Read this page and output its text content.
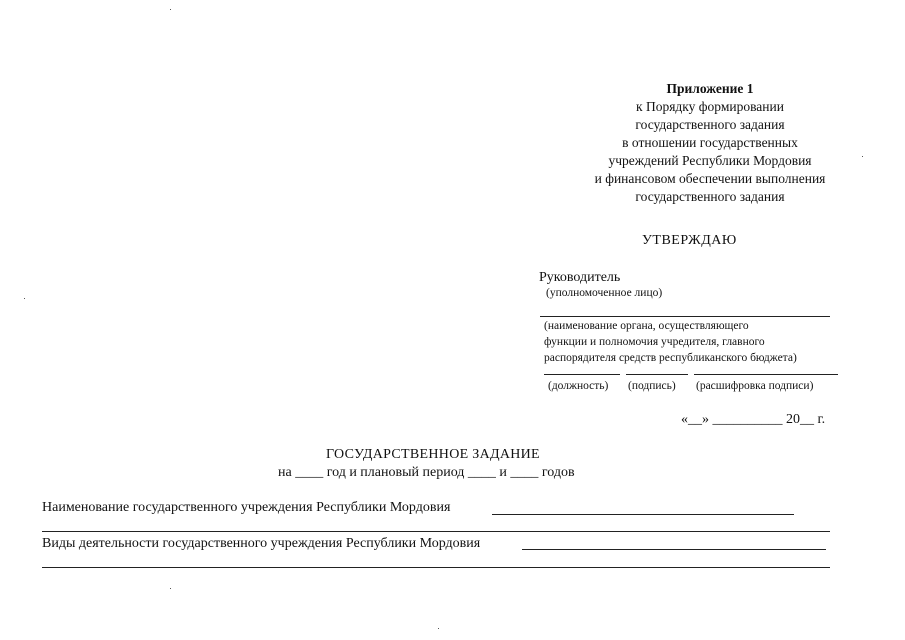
Приложение 1
к Порядку формировании
государственного задания
в отношении государственных
учреждений Республики Мордовия
и финансовом обеспечении выполнения
государственного задания
УТВЕРЖДАЮ
Руководитель
(уполномоченное лицо)
(наименование органа, осуществляющего
функции и полномочия учредителя, главного
распорядителя средств республиканского бюджета)
(должность) (подпись) (расшифровка подписи)
«__» __________ 20__ г.
ГОСУДАРСТВЕННОЕ ЗАДАНИЕ
на ____ год и плановый период ____ и ____ годов
Наименование государственного учреждения Республики Мордовия
Виды деятельности государственного учреждения Республики Мордовия
